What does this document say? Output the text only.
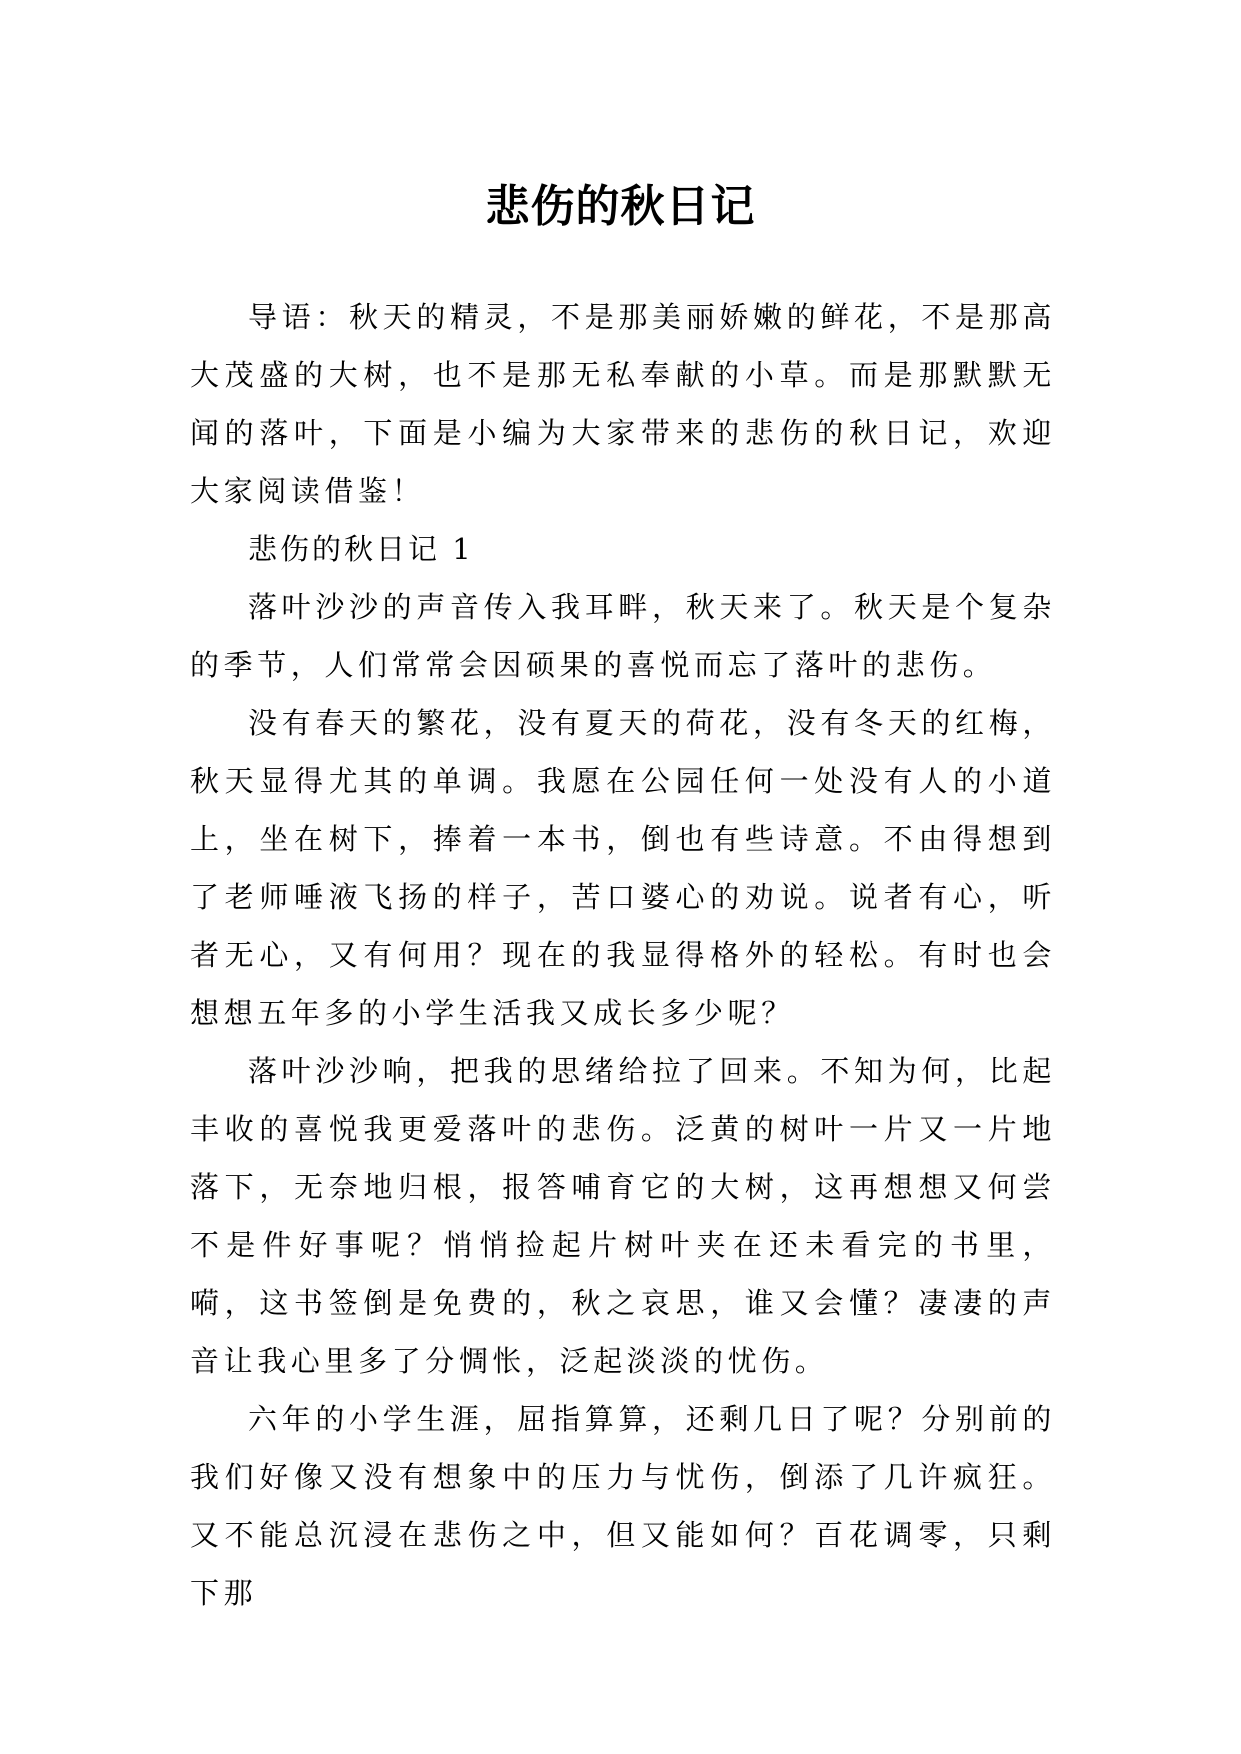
悲伤的秋日记

导语：秋天的精灵，不是那美丽娇嫩的鲜花，不是那高大茂盛的大树，也不是那无私奉献的小草。而是那默默无闻的落叶，下面是小编为大家带来的悲伤的秋日记，欢迎大家阅读借鉴！

悲伤的秋日记 1

落叶沙沙的声音传入我耳畔，秋天来了。秋天是个复杂的季节，人们常常会因硕果的喜悦而忘了落叶的悲伤。

没有春天的繁花，没有夏天的荷花，没有冬天的红梅，秋天显得尤其的单调。我愿在公园任何一处没有人的小道上，坐在树下，捧着一本书，倒也有些诗意。不由得想到了老师唾液飞扬的样子，苦口婆心的劝说。说者有心，听者无心，又有何用？现在的我显得格外的轻松。有时也会想想五年多的小学生活我又成长多少呢？

落叶沙沙响，把我的思绪给拉了回来。不知为何，比起丰收的喜悦我更爱落叶的悲伤。泛黄的树叶一片又一片地落下，无奈地归根，报答哺育它的大树，这再想想又何尝不是件好事呢？悄悄捡起片树叶夹在还未看完的书里，嗬，这书签倒是免费的，秋之哀思，谁又会懂？凄凄的声音让我心里多了分惆怅，泛起淡淡的忧伤。

六年的小学生涯，屈指算算，还剩几日了呢？分别前的我们好像又没有想象中的压力与忧伤，倒添了几许疯狂。又不能总沉浸在悲伤之中，但又能如何？百花调零，只剩下那
